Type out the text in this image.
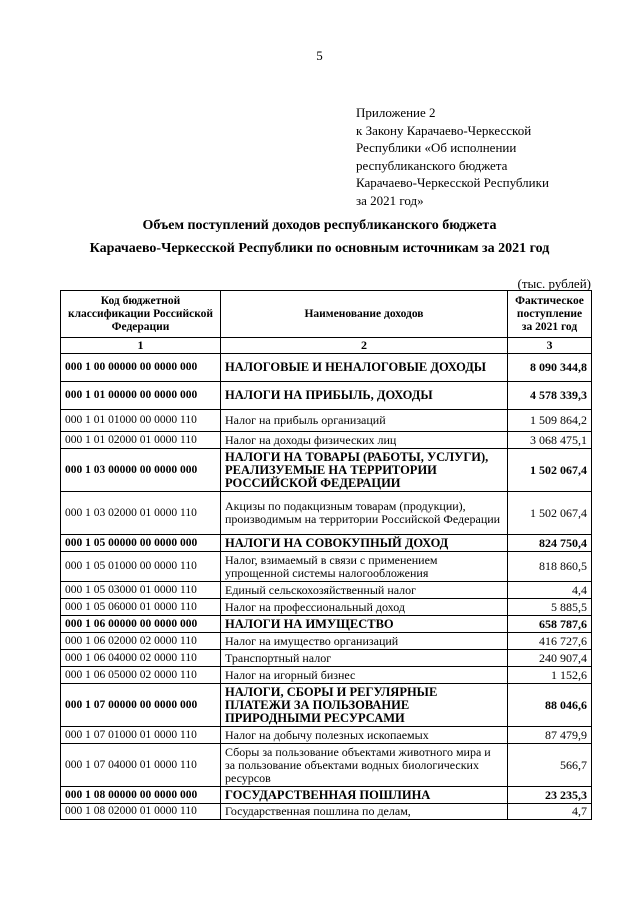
5
Приложение 2
к Закону Карачаево-Черкесской
Республики «Об исполнении
республиканского бюджета
Карачаево-Черкесской Республики
за 2021 год»
Объем поступлений доходов республиканского бюджета
Карачаево-Черкесской Республики по основным источникам за 2021 год
(тыс. рублей)
Код бюджетной классификации Российской Федерации	Наименование доходов	Фактическое поступление за 2021 год
1	2	3
000 1 00 00000 00 0000 000	НАЛОГОВЫЕ И НЕНАЛОГОВЫЕ ДОХОДЫ	8 090 344,8
000 1 01 00000 00 0000 000	НАЛОГИ НА ПРИБЫЛЬ, ДОХОДЫ	4 578 339,3
000 1 01 01000 00 0000 110	Налог на прибыль организаций	1 509 864,2
000 1 01 02000 01 0000 110	Налог на доходы физических лиц	3 068 475,1
000 1 03 00000 00 0000 000	НАЛОГИ НА ТОВАРЫ (РАБОТЫ, УСЛУГИ), РЕАЛИЗУЕМЫЕ НА ТЕРРИТОРИИ РОССИЙСКОЙ ФЕДЕРАЦИИ	1 502 067,4
000 1 03 02000 01 0000 110	Акцизы по подакцизным товарам (продукции), производимым на территории Российской Федерации	1 502 067,4
000 1 05 00000 00 0000 000	НАЛОГИ НА СОВОКУПНЫЙ ДОХОД	824 750,4
000 1 05 01000 00 0000 110	Налог, взимаемый в связи с применением упрощенной системы налогообложения	818 860,5
000 1 05 03000 01 0000 110	Единый сельскохозяйственный налог	4,4
000 1 05 06000 01 0000 110	Налог на профессиональный доход	5 885,5
000 1 06 00000 00 0000 000	НАЛОГИ НА ИМУЩЕСТВО	658 787,6
000 1 06 02000 02 0000 110	Налог на имущество организаций	416 727,6
000 1 06 04000 02 0000 110	Транспортный налог	240 907,4
000 1 06 05000 02 0000 110	Налог на игорный бизнес	1 152,6
000 1 07 00000 00 0000 000	НАЛОГИ, СБОРЫ И РЕГУЛЯРНЫЕ ПЛАТЕЖИ ЗА ПОЛЬЗОВАНИЕ ПРИРОДНЫМИ РЕСУРСАМИ	88 046,6
000 1 07 01000 01 0000 110	Налог на добычу полезных ископаемых	87 479,9
000 1 07 04000 01 0000 110	Сборы за пользование объектами животного мира и за пользование объектами водных биологических ресурсов	566,7
000 1 08 00000 00 0000 000	ГОСУДАРСТВЕННАЯ ПОШЛИНА	23 235,3
000 1 08 02000 01 0000 110	Государственная пошлина по делам,	4,7
